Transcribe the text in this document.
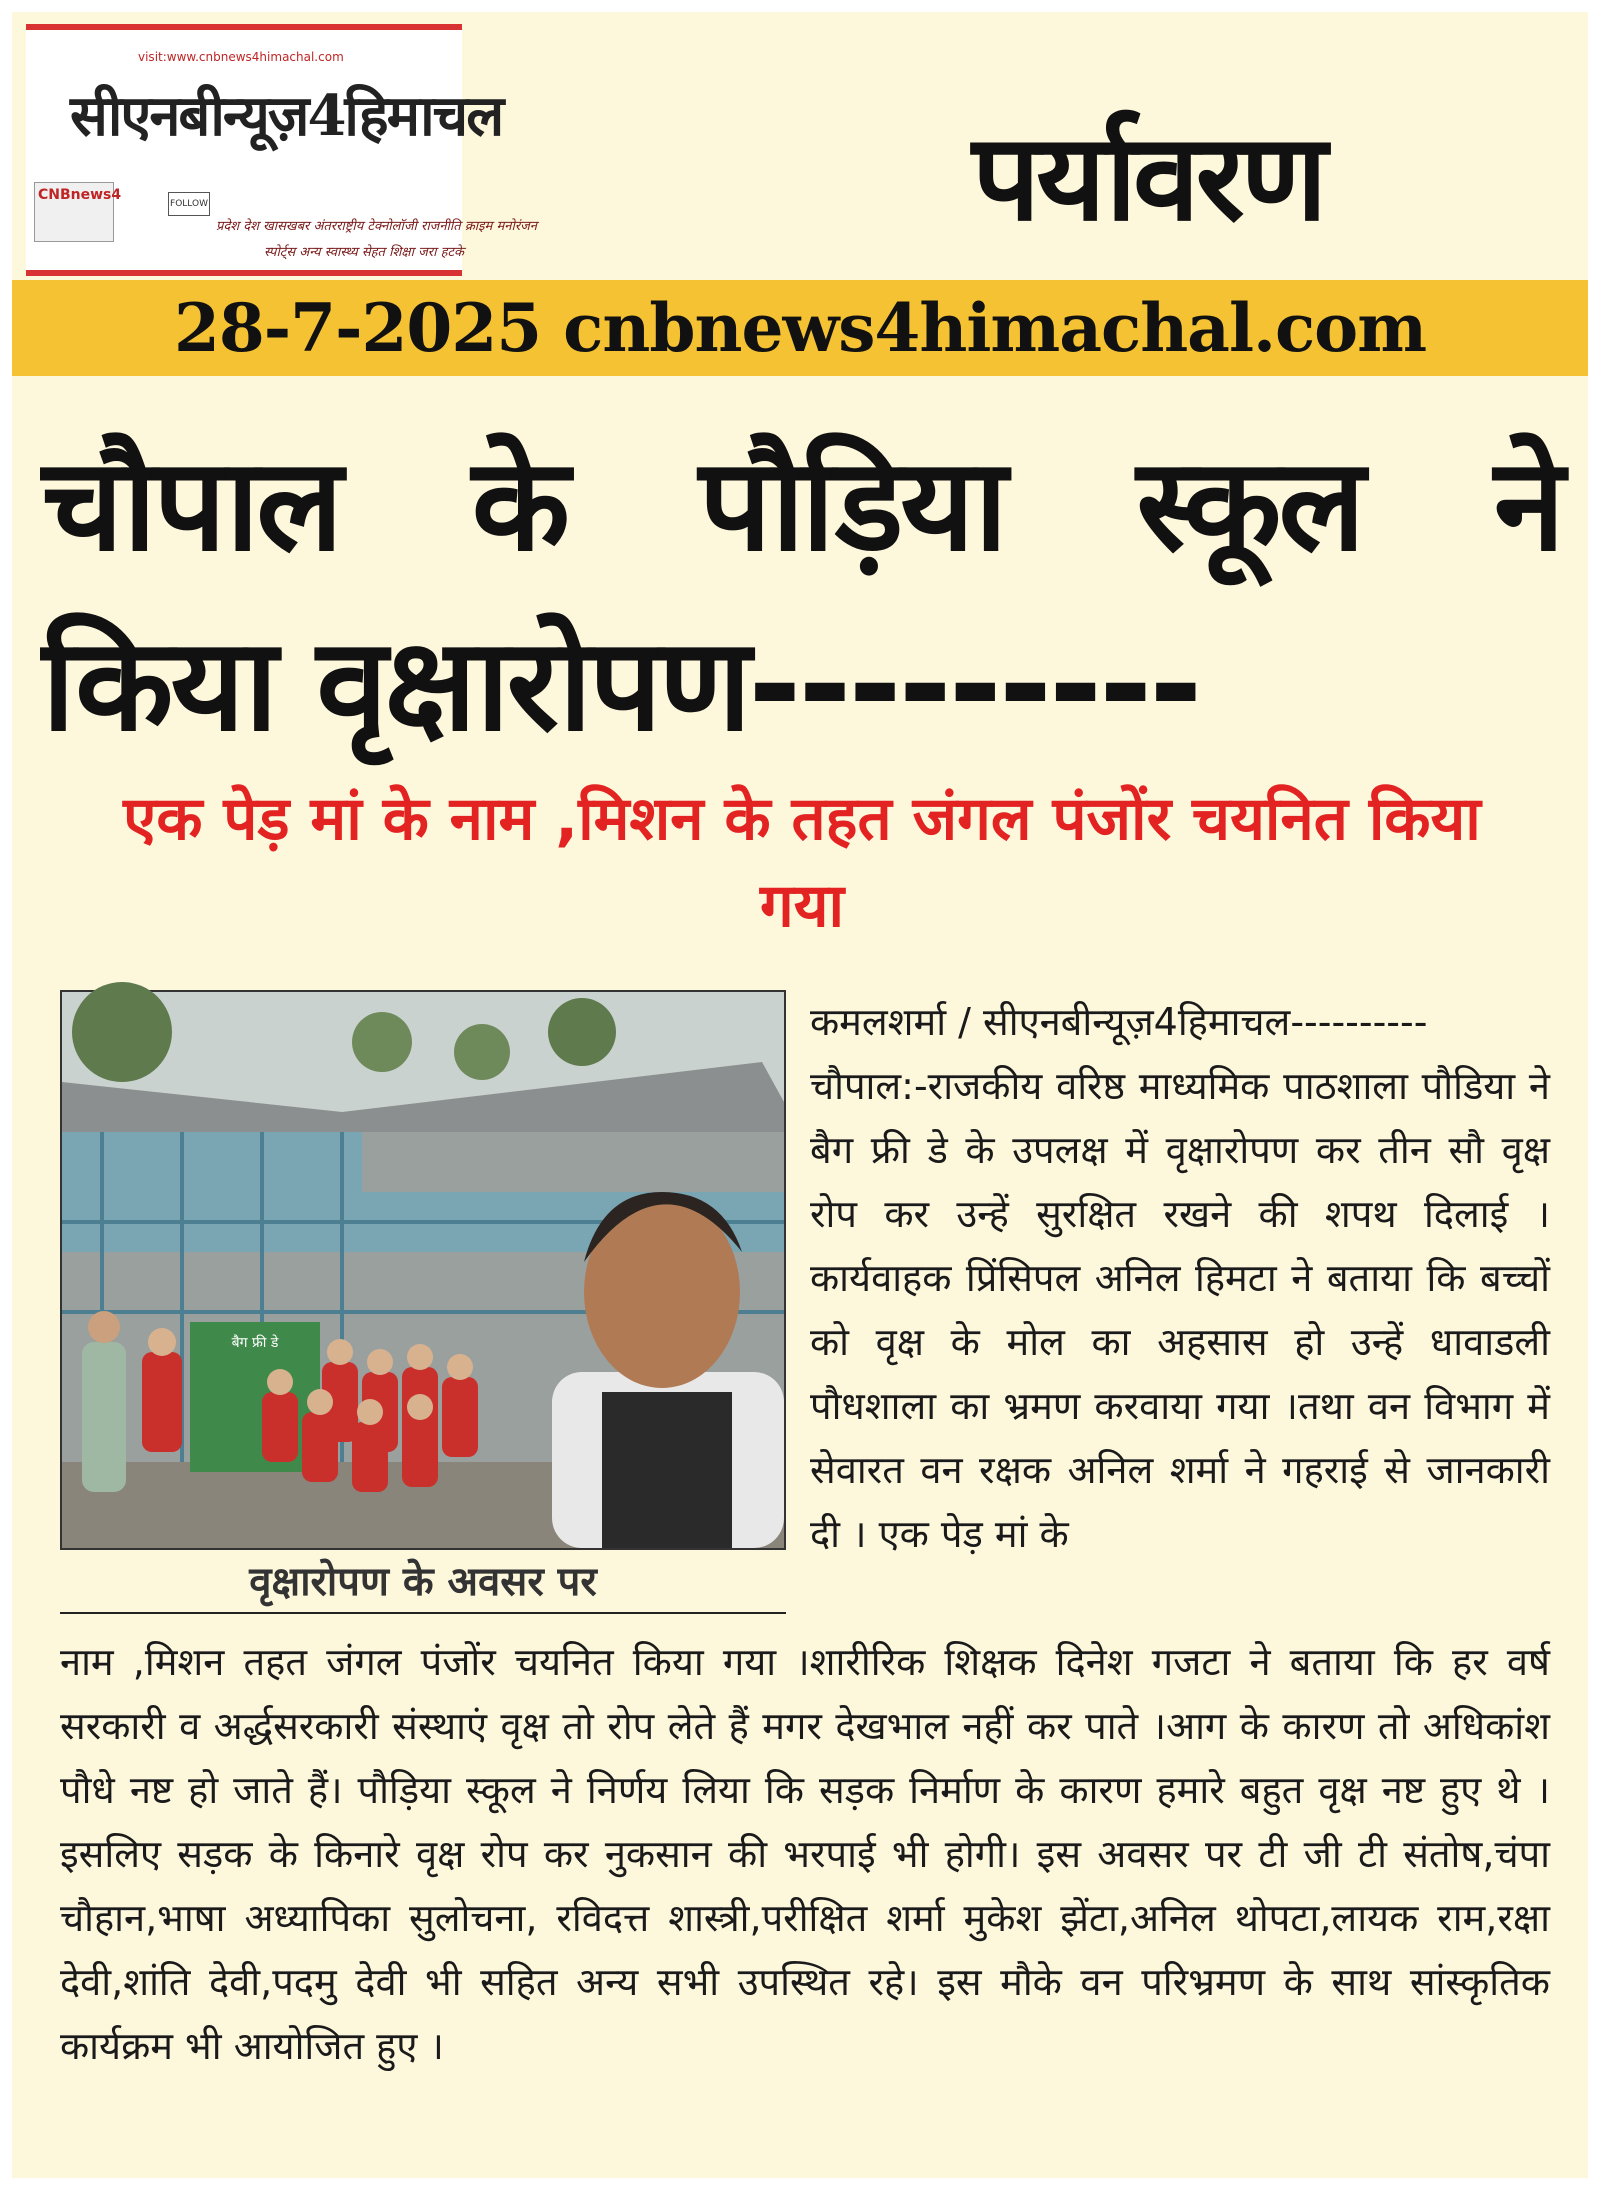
visit:www.cnbnews4himachal.com
सीएनबीन्यूज़4हिमाचल
CNBnews4
FOLLOW
प्रदेश देश खासखबर अंतरराष्ट्रीय टेक्नोलॉजी राजनीति क्राइम मनोरंजन
स्पोर्ट्स अन्य स्वास्थ्य सेहत शिक्षा जरा हटके
पर्यावरण
28-7-2025 cnbnews4himachal.com
चौपाल के पौड़िया स्कूल ने
किया वृक्षारोपण---------
एक पेड़ मां के नाम ,मिशन के तहत जंगल पंजोंर चयनित किया गया
बैग फ्री डे
वृक्षारोपण के अवसर पर

कमलशर्मा / सीएनबीन्यूज़4हिमाचल----------

चौपाल:-राजकीय वरिष्ठ माध्यमिक पाठशाला पौडिया ने बैग फ्री डे के उपलक्ष में वृक्षारोपण कर तीन सौ वृक्ष रोप कर उन्हें सुरक्षित रखने की शपथ दिलाई ।कार्यवाहक प्रिंसिपल अनिल हिमटा ने बताया कि बच्चों को वृक्ष के मोल का अहसास हो उन्हें धावाडली पौधशाला का भ्रमण करवाया गया ।तथा वन विभाग में सेवारत वन रक्षक अनिल शर्मा ने गहराई से जानकारी दी । एक पेड़ मां के

नाम ,मिशन तहत जंगल पंजोंर चयनित किया गया ।शारीरिक शिक्षक दिनेश गजटा ने बताया कि हर वर्ष सरकारी व अर्द्धसरकारी संस्थाएं वृक्ष तो रोप लेते हैं मगर देखभाल नहीं कर पाते ।आग के कारण तो अधिकांश पौधे नष्ट हो जाते हैं। पौड़िया स्कूल ने निर्णय लिया कि सड़क निर्माण के कारण हमारे बहुत वृक्ष नष्ट हुए थे ।इसलिए सड़क के किनारे वृक्ष रोप कर नुकसान की भरपाई भी होगी। इस अवसर पर टी जी टी संतोष,चंपा चौहान,भाषा अध्यापिका सुलोचना, रविदत्त शास्त्री,परीक्षित शर्मा मुकेश झेंटा,अनिल थोपटा,लायक राम,रक्षा देवी,शांति देवी,पदमु देवी भी सहित अन्य सभी उपस्थित रहे। इस मौके वन परिभ्रमण के साथ सांस्कृतिक कार्यक्रम भी आयोजित हुए ।
